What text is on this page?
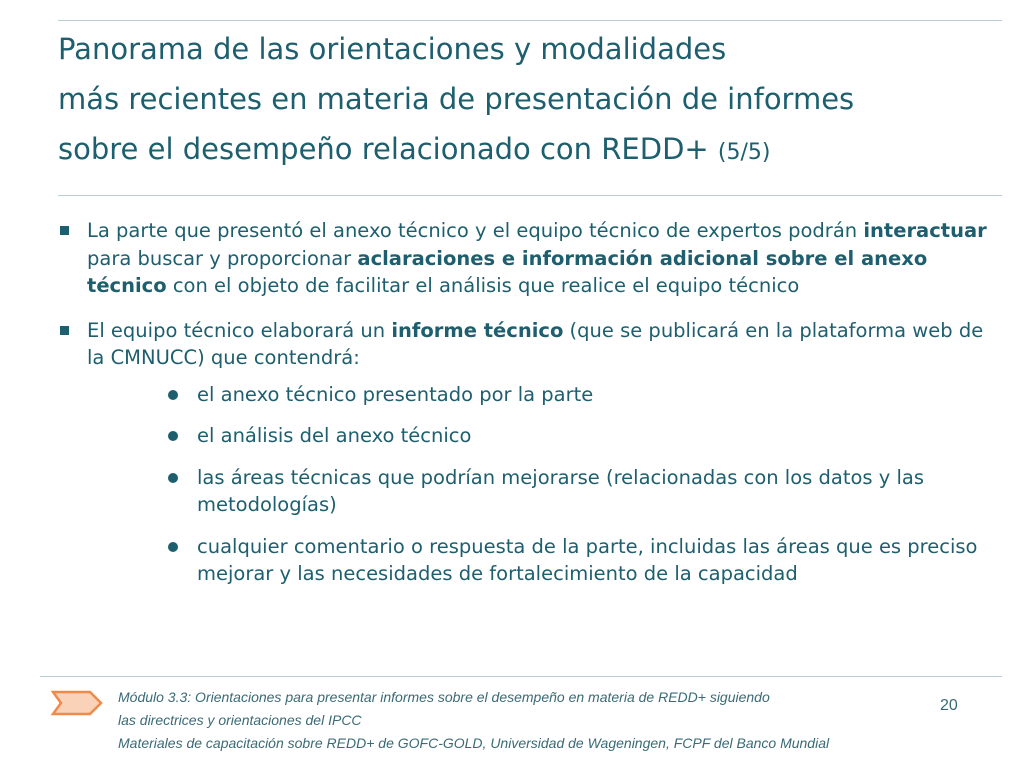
Panorama de las orientaciones y modalidades
más recientes en materia de presentación de informes
sobre el desempeño relacionado con REDD+ (5/5)
La parte que presentó el anexo técnico y el equipo técnico de expertos podrán interactuar para buscar y proporcionar aclaraciones e información adicional sobre el anexo técnico con el objeto de facilitar el análisis que realice el equipo técnico
El equipo técnico elaborará un informe técnico (que se publicará en la plataforma web de la CMNUCC) que contendrá:
el anexo técnico presentado por la parte
el análisis del anexo técnico
las áreas técnicas que podrían mejorarse (relacionadas con los datos y las metodologías)
cualquier comentario o respuesta de la parte, incluidas las áreas que es preciso mejorar y las necesidades de fortalecimiento de la capacidad
Módulo 3.3: Orientaciones para presentar informes sobre el desempeño en materia de REDD+ siguiendo
las directrices y orientaciones del IPCC
Materiales de capacitación sobre REDD+ de GOFC-GOLD, Universidad de Wageningen, FCPF del Banco Mundial
20
